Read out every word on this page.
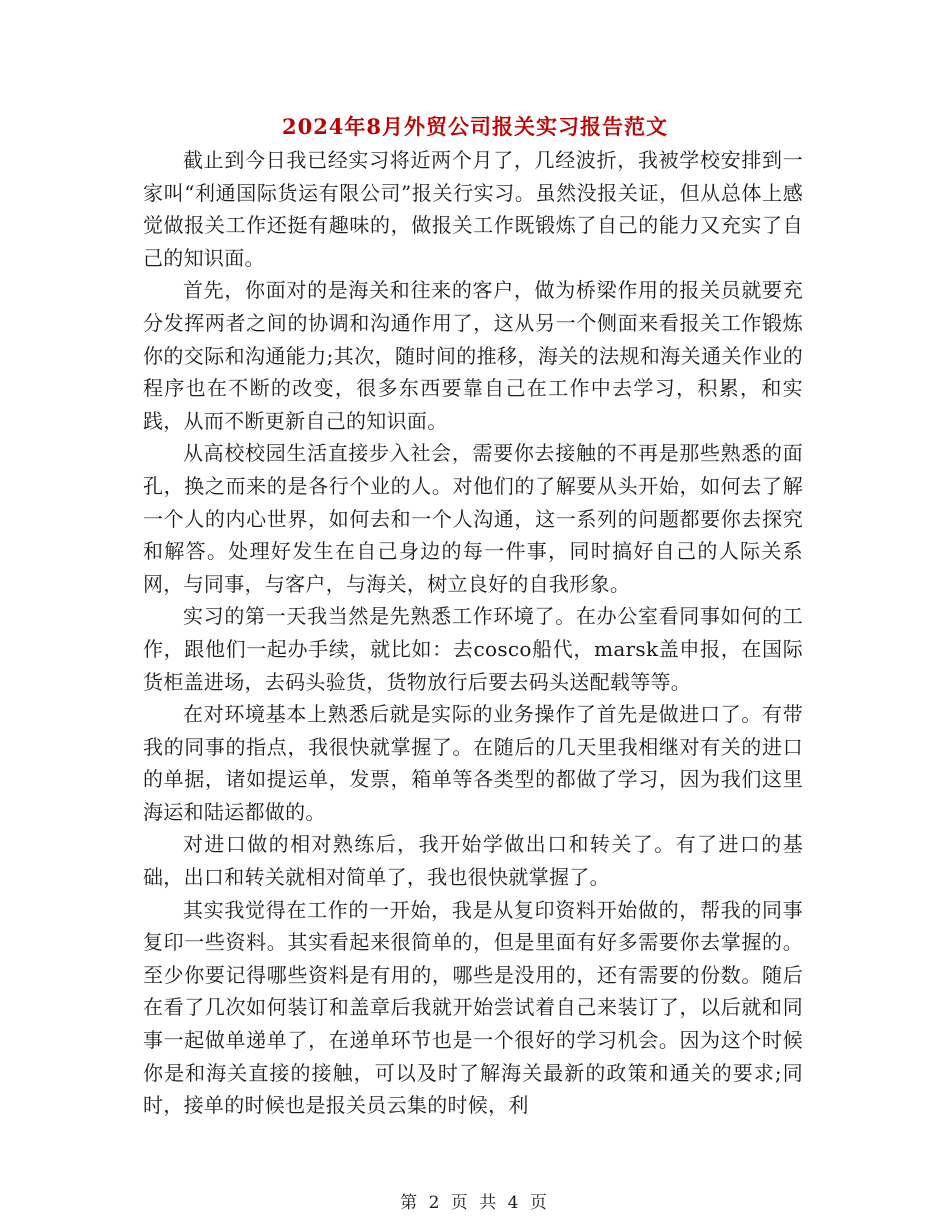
2024年8月外贸公司报关实习报告范文

截止到今日我已经实习将近两个月了，几经波折，我被学校安排到一家叫“利通国际货运有限公司”报关行实习。虽然没报关证，但从总体上感觉做报关工作还挺有趣味的，做报关工作既锻炼了自己的能力又充实了自己的知识面。

首先，你面对的是海关和往来的客户，做为桥梁作用的报关员就要充分发挥两者之间的协调和沟通作用了，这从另一个侧面来看报关工作锻炼你的交际和沟通能力;其次，随时间的推移，海关的法规和海关通关作业的程序也在不断的改变，很多东西要靠自己在工作中去学习，积累，和实践，从而不断更新自己的知识面。

从高校校园生活直接步入社会，需要你去接触的不再是那些熟悉的面孔，换之而来的是各行个业的人。对他们的了解要从头开始，如何去了解一个人的内心世界，如何去和一个人沟通，这一系列的问题都要你去探究和解答。处理好发生在自己身边的每一件事，同时搞好自己的人际关系网，与同事，与客户，与海关，树立良好的自我形象。

实习的第一天我当然是先熟悉工作环境了。在办公室看同事如何的工作，跟他们一起办手续，就比如：去cosco船代，marsk盖申报，在国际货柜盖进场，去码头验货，货物放行后要去码头送配载等等。

在对环境基本上熟悉后就是实际的业务操作了首先是做进口了。有带我的同事的指点，我很快就掌握了。在随后的几天里我相继对有关的进口的单据，诸如提运单，发票，箱单等各类型的都做了学习，因为我们这里海运和陆运都做的。

对进口做的相对熟练后，我开始学做出口和转关了。有了进口的基础，出口和转关就相对简单了，我也很快就掌握了。

其实我觉得在工作的一开始，我是从复印资料开始做的，帮我的同事复印一些资料。其实看起来很简单的，但是里面有好多需要你去掌握的。至少你要记得哪些资料是有用的，哪些是没用的，还有需要的份数。随后在看了几次如何装订和盖章后我就开始尝试着自己来装订了，以后就和同事一起做单递单了，在递单环节也是一个很好的学习机会。因为这个时候你是和海关直接的接触，可以及时了解海关最新的政策和通关的要求;同时，接单的时候也是报关员云集的时候，利

第 2 页 共 4 页
